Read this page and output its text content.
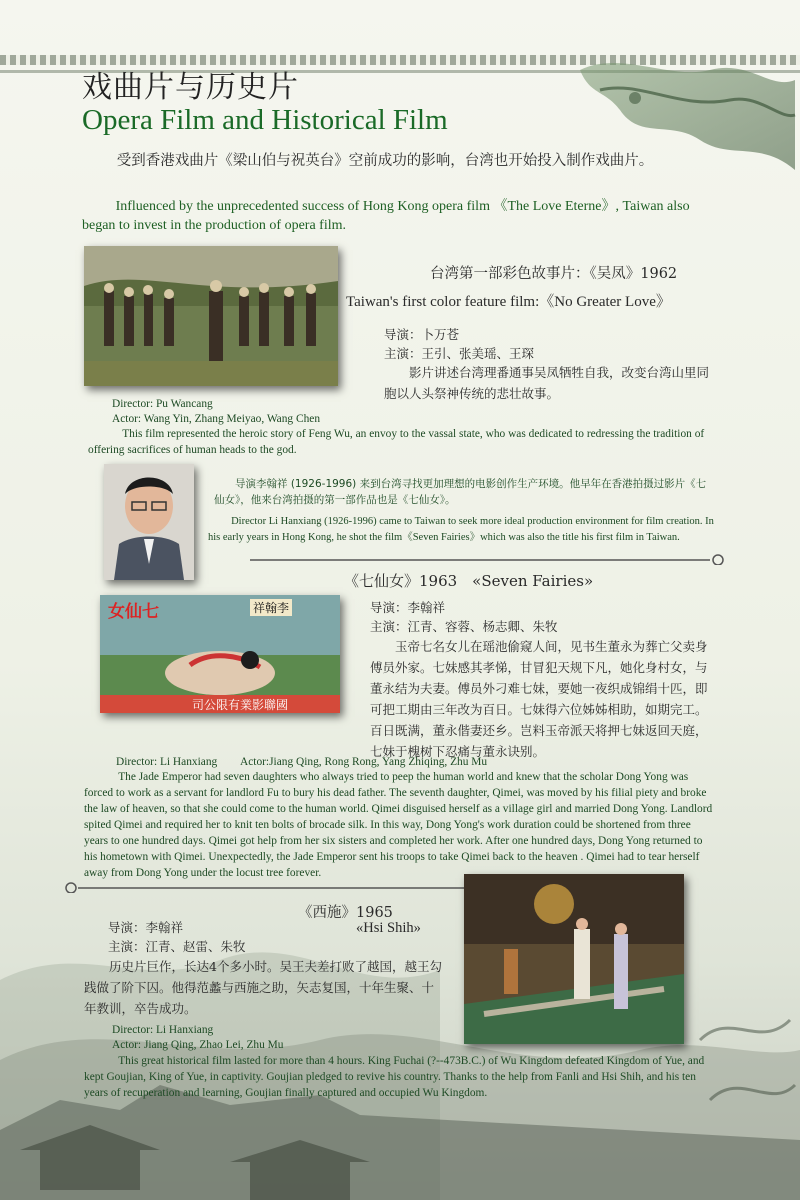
戏曲片与历史片
Opera Film and Historical Film
受到香港戏曲片《梁山伯与祝英台》空前成功的影响，台湾也开始投入制作戏曲片。
Influenced by the unprecedented success of Hong Kong opera film 《The Love Eterne》, Taiwan also began to invest in the production of opera film.
台湾第一部彩色故事片：《吴凤》1962
Taiwan's first color feature film:《No Greater Love》
导演：卜万苍
主演：王引、张美瑶、王琛
影片讲述台湾理番通事吴凤牺牲自我，改变台湾山里同胞以人头祭神传统的悲壮故事。
Director: Pu Wancang
Actor: Wang Yin, Zhang Meiyao, Wang Chen
This film represented the heroic story of Feng Wu, an envoy to the vassal state, who was dedicated to redressing the tradition of offering sacrifices of human heads to the god.
导演李翰祥 (1926-1996) 来到台湾寻找更加理想的电影创作生产环境。他早年在香港拍摄过影片《七仙女》，他来台湾拍摄的第一部作品也是《七仙女》。
Director Li Hanxiang (1926-1996) came to Taiwan to seek more ideal production environment for film creation. In his early years in Hong Kong, he shot the film《Seven Fairies》which was also the title his first film in Taiwan.
《七仙女》1963　«Seven Fairies»
女仙七	祥翰李
司公限有業影聯國
导演：李翰祥
主演：江青、容蓉、杨志卿、朱牧
玉帝七名女儿在瑶池偷窥人间，见书生董永为葬亡父卖身傅员外家。七妹感其孝悌，甘冒犯天规下凡，她化身村女，与董永结为夫妻。傅员外刁难七妹，要她一夜织成锦绢十匹，即可把工期由三年改为百日。七妹得六位姊姊相助，如期完工。百日既满，董永偕妻还乡。岂料玉帝派天将押七妹返回天庭，七妹于槐树下忍痛与董永诀别。
Director: Li Hanxiang　　Actor:Jiang Qing, Rong Rong, Yang Zhiqing, Zhu Mu
The Jade Emperor had seven daughters who always tried to peep the human world and knew that the scholar Dong Yong was forced to work as a servant for landlord Fu to bury his dead father. The seventh daughter, Qimei, was moved by his filial piety and broke the law of heaven, so that she could come to the human world. Qimei disguised herself as a village girl and married Dong Yong. Landlord spited Qimei and required her to knit ten bolts of brocade silk. In this way, Dong Yong's work duration could be shortened from three years to one hundred days. Qimei got help from her six sisters and completed her work. After one hundred days, Dong Yong returned to his hometown with Qimei. Unexpectedly, the Jade Emperor sent his troops to take Qimei back to the heaven . Qimei had to tear herself away from Dong Yong under the locust tree forever.
《西施》1965
«Hsi Shih»
导演：李翰祥
主演：江青、赵雷、朱牧
历史片巨作，长达4个多小时。吴王夫差打败了越国，越王勾践做了阶下囚。他得范蠡与西施之助，矢志复国，十年生聚、十年教训，卒告成功。
Director: Li Hanxiang
Actor: Jiang Qing, Zhao Lei, Zhu Mu
This great historical film lasted for more than 4 hours. King Fuchai (?--473B.C.) of Wu Kingdom defeated Kingdom of Yue, and kept Goujian, King of Yue, in captivity. Goujian pledged to revive his country. Thanks to the help from Fanli and Hsi Shih, and his ten years of recuperation and learning, Goujian finally captured and occupied Wu Kingdom.
